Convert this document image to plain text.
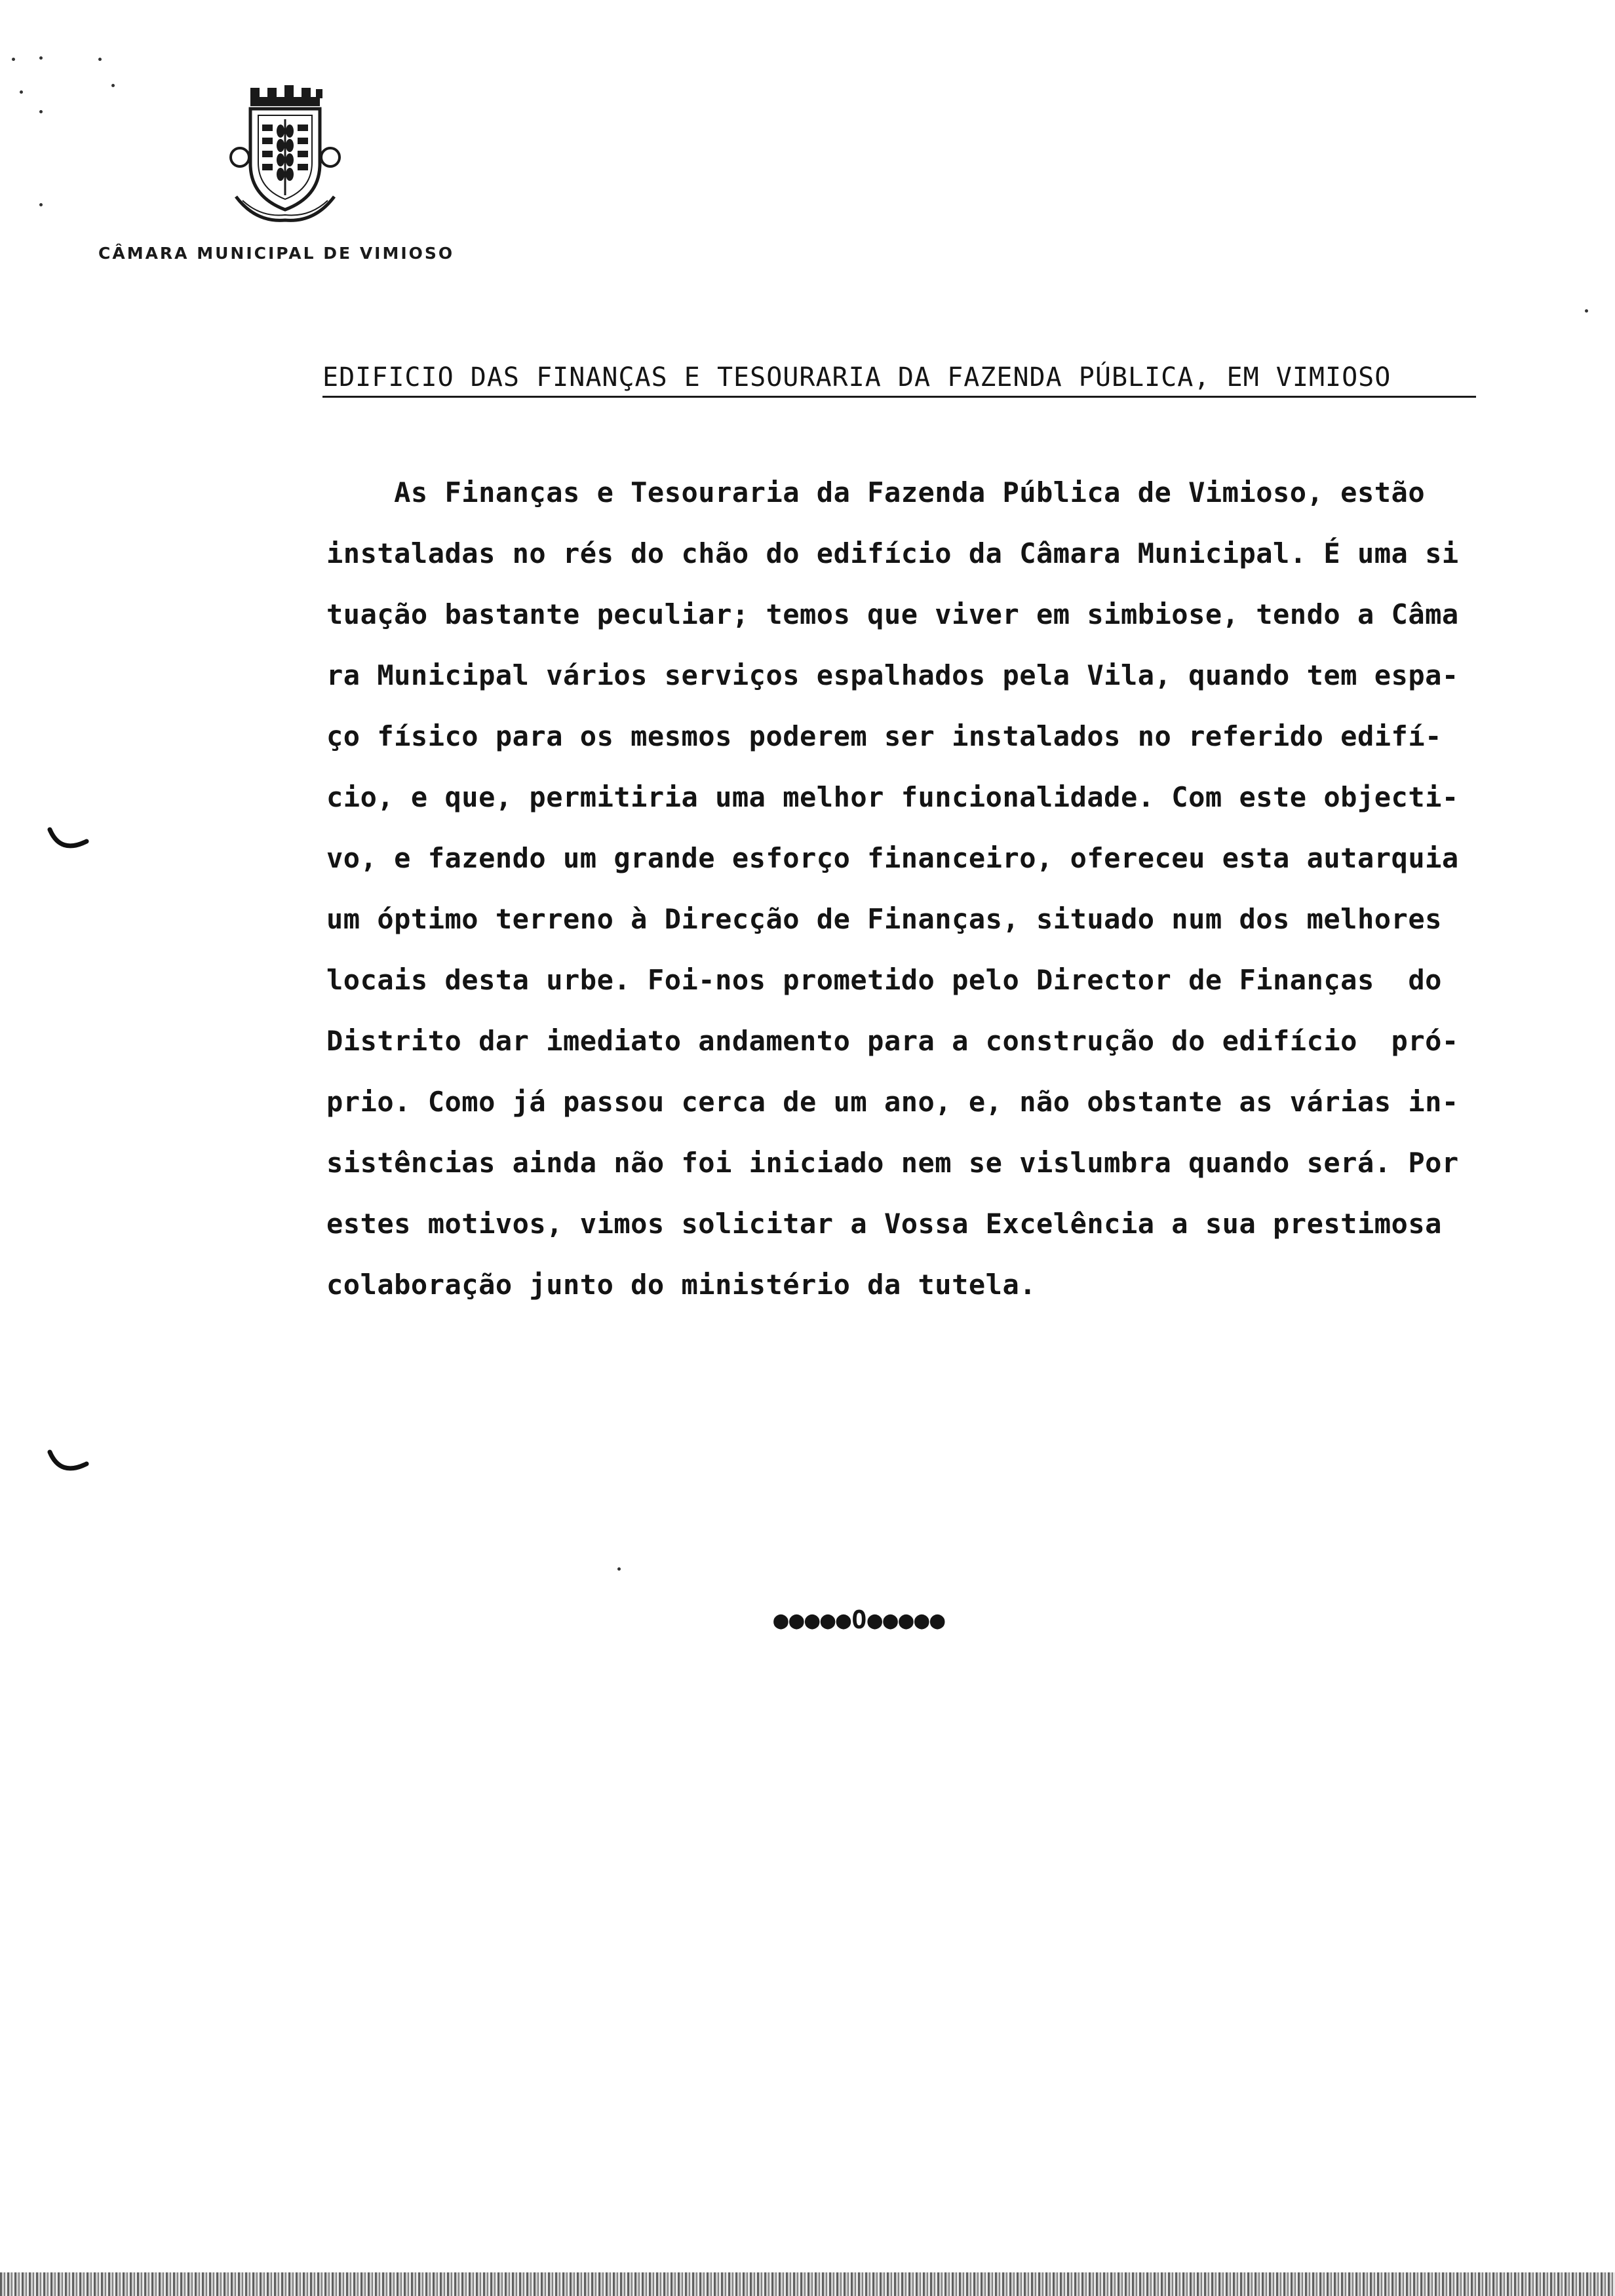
CÂMARA MUNICIPAL DE VIMIOSO
EDIFICIO DAS FINANÇAS E TESOURARIA DA FAZENDA PÚBLICA, EM VIMIOSO
As Finanças e Tesouraria da Fazenda Pública de Vimioso, estão
instaladas no rés do chão do edifício da Câmara Municipal. É uma si
tuação bastante peculiar; temos que viver em simbiose, tendo a Câma
ra Municipal vários serviços espalhados pela Vila, quando tem espa-
ço físico para os mesmos poderem ser instalados no referido edifí-
cio, e que, permitiria uma melhor funcionalidade. Com este objecti-
vo, e fazendo um grande esforço financeiro, ofereceu esta autarquia
um óptimo terreno à Direcção de Finanças, situado num dos melhores
locais desta urbe. Foi-nos prometido pelo Director de Finanças  do
Distrito dar imediato andamento para a construção do edifício  pró-
prio. Como já passou cerca de um ano, e, não obstante as várias in-
sistências ainda não foi iniciado nem se vislumbra quando será. Por
estes motivos, vimos solicitar a Vossa Excelência a sua prestimosa
colaboração junto do ministério da tutela.
●●●●●O●●●●●
